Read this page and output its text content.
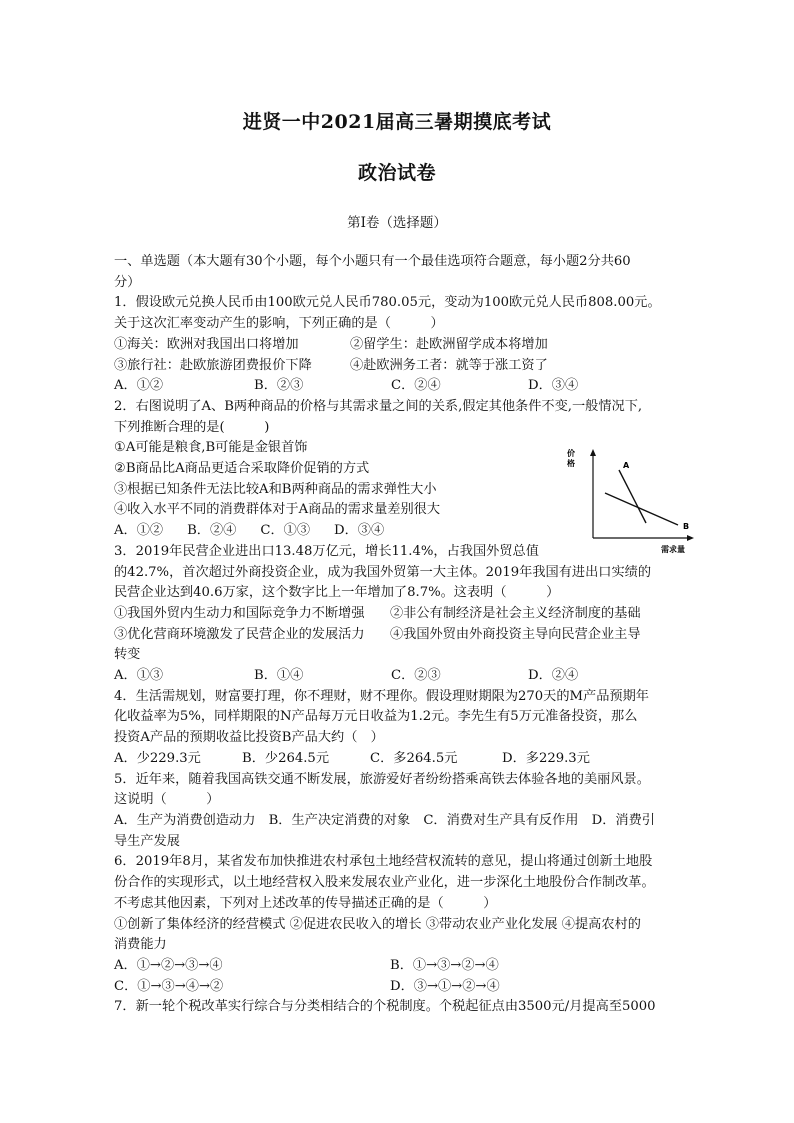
进贤一中2021届高三暑期摸底考试
政治试卷
第Ⅰ卷（选择题）

一、单选题（本大题有30个小题，每个小题只有一个最佳选项符合题意，每小题2分共60

分）

1．假设欧元兑换人民币由100欧元兑人民币780.05元，变动为100欧元兑人民币808.00元。

关于这次汇率变动产生的影响，下列正确的是（　　　）

①海关：欧洲对我国出口将增加	②留学生：赴欧洲留学成本将增加
③旅行社：赴欧旅游团费报价下降	④赴欧洲务工者：就等于涨工资了
A．①②	B．②③	C．②④	D．③④

2．右图说明了A、B两种商品的价格与其需求量之间的关系,假定其他条件不变,一般情况下,

下列推断合理的是(　　　)

①A可能是粮食,B可能是金银首饰

②B商品比A商品更适合采取降价促销的方式

③根据已知条件无法比较A和B两种商品的需求弹性大小

④收入水平不同的消费群体对于A商品的需求量差别很大

A．①② B．②④ C．①③ D．③④

3．2019年民营企业进出口13.48万亿元，增长11.4%，占我国外贸总值

的42.7%，首次超过外商投资企业，成为我国外贸第一大主体。2019年我国有进出口实绩的

民营企业达到40.6万家，这个数字比上一年增加了8.7%。这表明（　　　）

①我国外贸内生动力和国际竞争力不断增强	②非公有制经济是社会主义经济制度的基础
③优化营商环境激发了民营企业的发展活力	④我国外贸由外商投资主导向民营企业主导

转变

A．①③	B．①④	C．②③	D．②④

4．生活需规划，财富要打理，你不理财，财不理你。假设理财期限为270天的M产品预期年

化收益率为5%，同样期限的N产品每万元日收益为1.2元。李先生有5万元准备投资，那么

投资A产品的预期收益比投资B产品大约（　）

A．少229.3元	B．少264.5元	C．多264.5元	D．多229.3元

5．近年来，随着我国高铁交通不断发展，旅游爱好者纷纷搭乘高铁去体验各地的美丽风景。

这说明（　　　）

A．生产为消费创造动力　B．生产决定消费的对象　C．消费对生产具有反作用　D．消费引

导生产发展

6．2019年8月，某省发布加快推进农村承包土地经营权流转的意见，提山将通过创新土地股

份合作的实现形式，以土地经营权入股来发展农业产业化，进一步深化土地股份合作制改革。

不考虑其他因素，下列对上述改革的传导描述正确的是（　　　）

①创新了集体经济的经营模式 ②促进农民收入的增长 ③带动农业产业化发展 ④提高农村的

消费能力

A．①→②→③→④	B．①→③→②→④
C．①→③→④→②	D．③→①→②→④

7．新一轮个税改革实行综合与分类相结合的个税制度。个税起征点由3500元/月提高至5000

价
格	A
B
需求量
